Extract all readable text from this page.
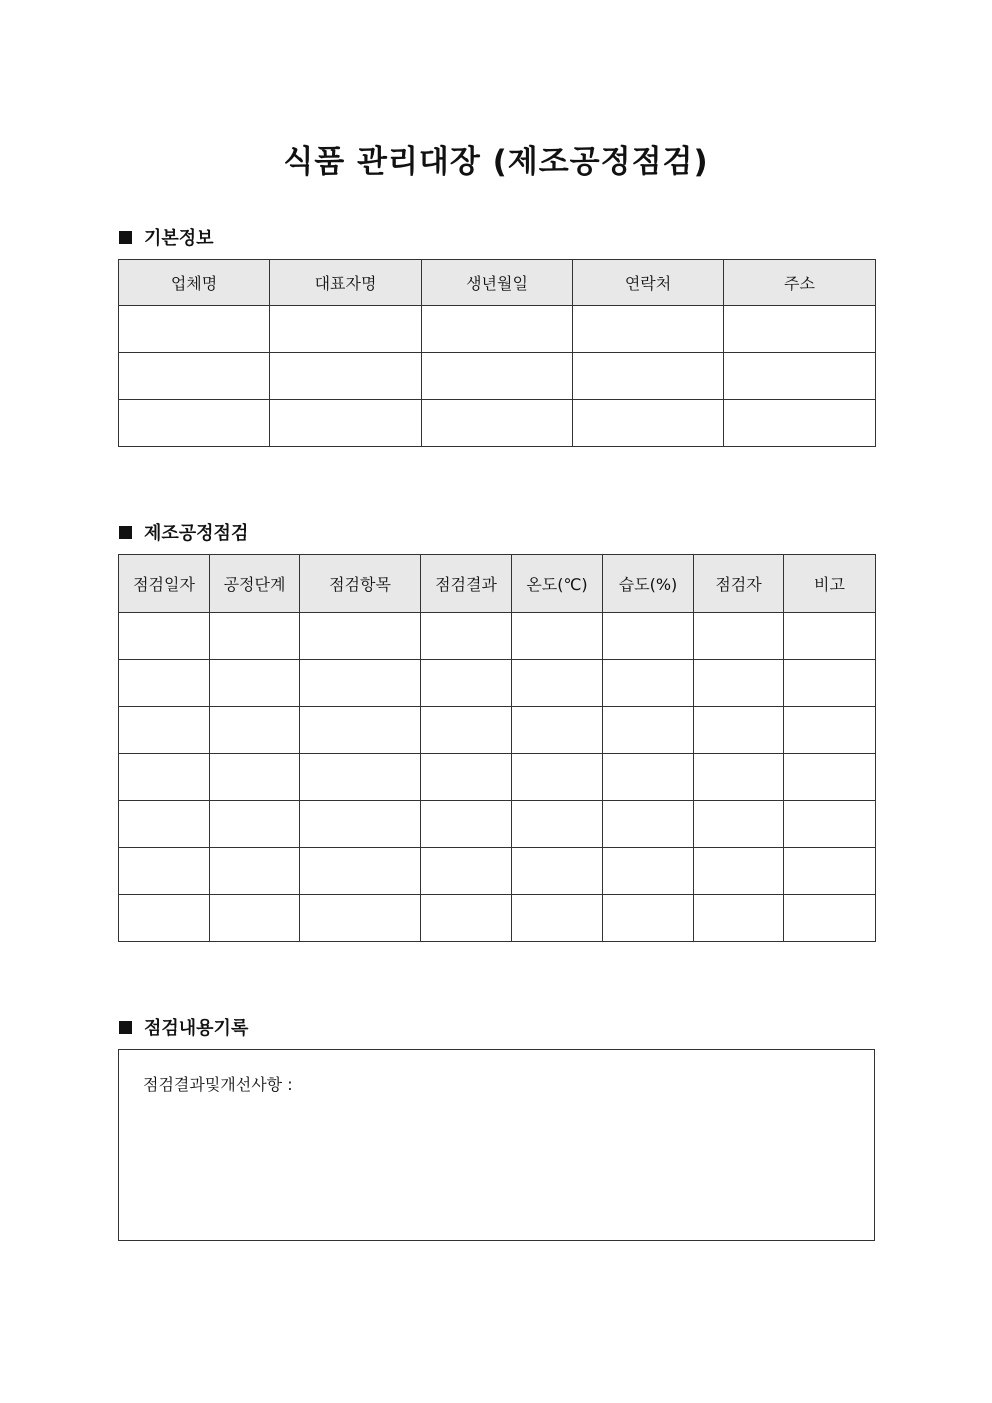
식품 관리대장 (제조공정점검)
기본정보
업체명	대표자명	생년월일	연락처	주소

제조공정점검
점검일자	공정단계	점검항목	점검결과	온도(℃)	습도(%)	점검자	비고

점검내용기록
점검결과및개선사항 :
